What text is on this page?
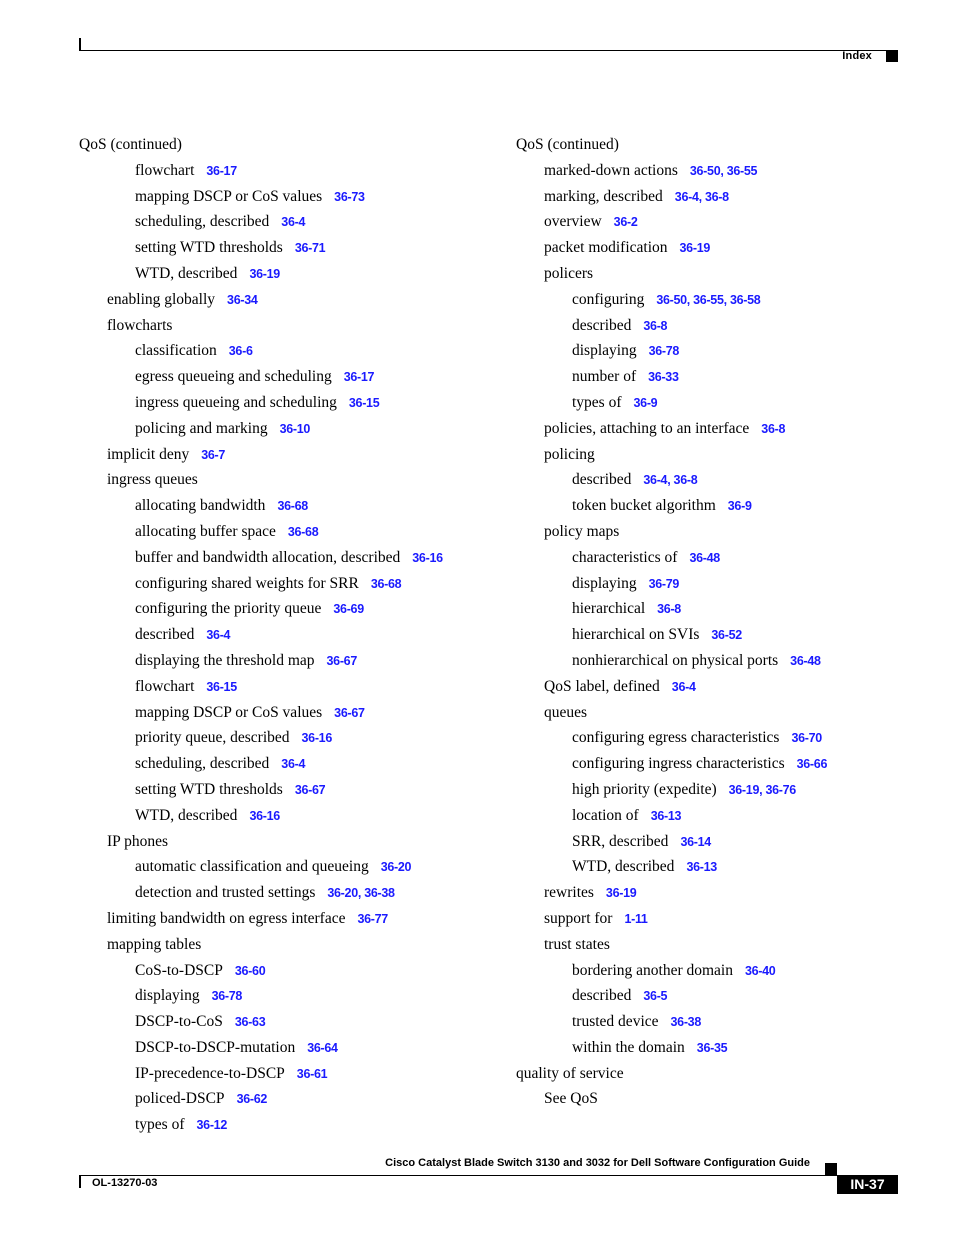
Index
QoS (continued)
flowchart 36-17
mapping DSCP or CoS values 36-73
scheduling, described 36-4
setting WTD thresholds 36-71
WTD, described 36-19
enabling globally 36-34
flowcharts
classification 36-6
egress queueing and scheduling 36-17
ingress queueing and scheduling 36-15
policing and marking 36-10
implicit deny 36-7
ingress queues
allocating bandwidth 36-68
allocating buffer space 36-68
buffer and bandwidth allocation, described 36-16
configuring shared weights for SRR 36-68
configuring the priority queue 36-69
described 36-4
displaying the threshold map 36-67
flowchart 36-15
mapping DSCP or CoS values 36-67
priority queue, described 36-16
scheduling, described 36-4
setting WTD thresholds 36-67
WTD, described 36-16
IP phones
automatic classification and queueing 36-20
detection and trusted settings 36-20, 36-38
limiting bandwidth on egress interface 36-77
mapping tables
CoS-to-DSCP 36-60
displaying 36-78
DSCP-to-CoS 36-63
DSCP-to-DSCP-mutation 36-64
IP-precedence-to-DSCP 36-61
policed-DSCP 36-62
types of 36-12
QoS (continued)
marked-down actions 36-50, 36-55
marking, described 36-4, 36-8
overview 36-2
packet modification 36-19
policers
configuring 36-50, 36-55, 36-58
described 36-8
displaying 36-78
number of 36-33
types of 36-9
policies, attaching to an interface 36-8
policing
described 36-4, 36-8
token bucket algorithm 36-9
policy maps
characteristics of 36-48
displaying 36-79
hierarchical 36-8
hierarchical on SVIs 36-52
nonhierarchical on physical ports 36-48
QoS label, defined 36-4
queues
configuring egress characteristics 36-70
configuring ingress characteristics 36-66
high priority (expedite) 36-19, 36-76
location of 36-13
SRR, described 36-14
WTD, described 36-13
rewrites 36-19
support for 1-11
trust states
bordering another domain 36-40
described 36-5
trusted device 36-38
within the domain 36-35
quality of service
See QoS
Cisco Catalyst Blade Switch 3130 and 3032 for Dell Software Configuration Guide
OL-13270-03	IN-37
